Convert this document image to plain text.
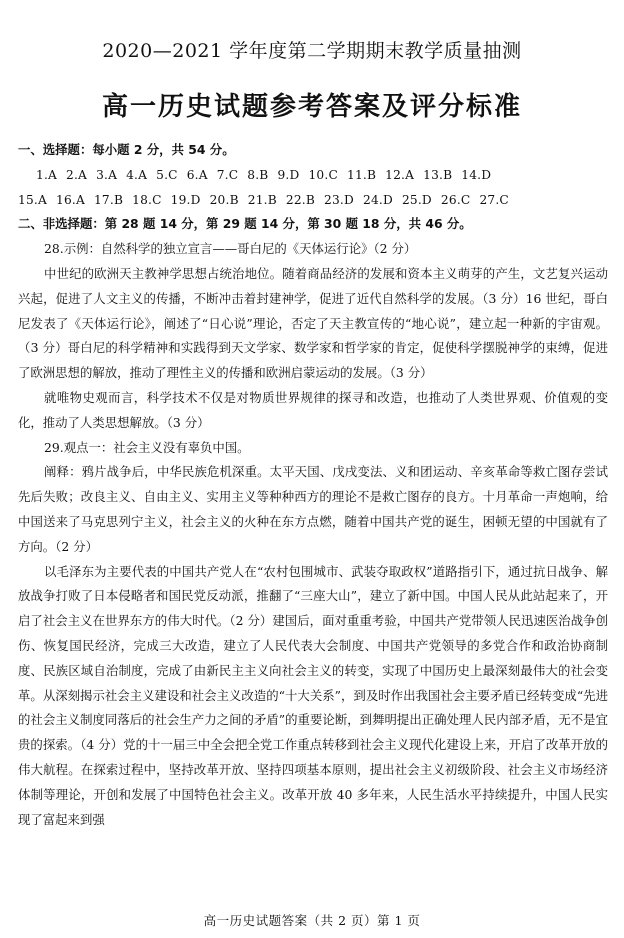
2020—2021 学年度第二学期期末教学质量抽测
高一历史试题参考答案及评分标准

一、选择题：每小题 2 分，共 54 分。

1.A 2.A 3.A 4.A 5.C 6.A 7.C 8.B 9.D 10.C 11.B 12.A 13.B 14.D

15.A 16.A 17.B 18.C 19.D 20.B 21.B 22.B 23.D 24.D 25.D 26.C 27.C

二、非选择题：第 28 题 14 分，第 29 题 14 分，第 30 题 18 分，共 46 分。

28.示例：自然科学的独立宣言——哥白尼的《天体运行论》（2 分）

中世纪的欧洲天主教神学思想占统治地位。随着商品经济的发展和资本主义萌芽的产生，文艺复兴运动兴起，促进了人文主义的传播，不断冲击着封建神学，促进了近代自然科学的发展。（3 分）16 世纪，哥白尼发表了《天体运行论》，阐述了“日心说”理论，否定了天主教宣传的“地心说”，建立起一种新的宇宙观。（3 分）哥白尼的科学精神和实践得到天文学家、数学家和哲学家的肯定，促使科学摆脱神学的束缚，促进了欧洲思想的解放，推动了理性主义的传播和欧洲启蒙运动的发展。（3 分）

就唯物史观而言，科学技术不仅是对物质世界规律的探寻和改造，也推动了人类世界观、价值观的变化，推动了人类思想解放。（3 分）

29.观点一：社会主义没有辜负中国。

阐释：鸦片战争后，中华民族危机深重。太平天国、戊戌变法、义和团运动、辛亥革命等救亡图存尝试先后失败；改良主义、自由主义、实用主义等种种西方的理论不是救亡图存的良方。十月革命一声炮响，给中国送来了马克思列宁主义，社会主义的火种在东方点燃，随着中国共产党的诞生，困顿无望的中国就有了方向。（2 分）

以毛泽东为主要代表的中国共产党人在“农村包围城市、武装夺取政权”道路指引下，通过抗日战争、解放战争打败了日本侵略者和国民党反动派，推翻了“三座大山”，建立了新中国。中国人民从此站起来了，开启了社会主义在世界东方的伟大时代。（2 分）建国后，面对重重考验，中国共产党带领人民迅速医治战争创伤、恢复国民经济，完成三大改造，建立了人民代表大会制度、中国共产党领导的多党合作和政治协商制度、民族区域自治制度，完成了由新民主主义向社会主义的转变，实现了中国历史上最深刻最伟大的社会变革。从深刻揭示社会主义建设和社会主义改造的“十大关系”，到及时作出我国社会主要矛盾已经转变成“先进的社会主义制度同落后的社会生产力之间的矛盾”的重要论断，到舞明提出正确处理人民内部矛盾，无不是宜贵的探索。（4 分）党的十一届三中全会把全党工作重点转移到社会主义现代化建设上来，开启了改革开放的伟大航程。在探索过程中，坚持改革开放、坚持四项基本原则，提出社会主义初级阶段、社会主义市场经济体制等理论，开创和发展了中国特色社会主义。改革开放 40 多年来，人民生活水平持续提升，中国人民实现了富起来到强

高一历史试题答案（共 2 页）第 1 页
